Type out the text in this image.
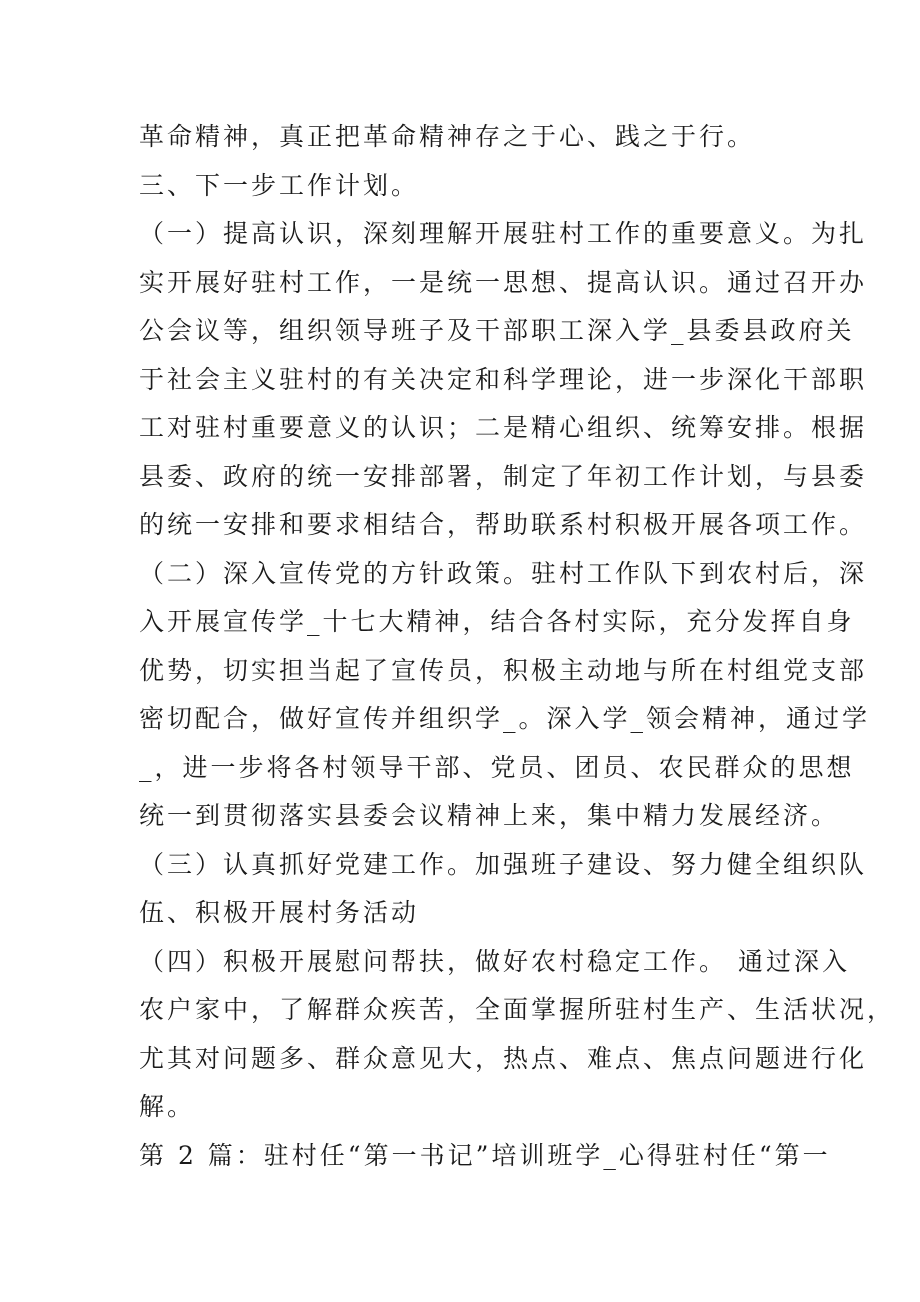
革命精神，真正把革命精神存之于心、践之于行。
三、下一步工作计划。
（一）提高认识，深刻理解开展驻村工作的重要意义。为扎
实开展好驻村工作，一是统一思想、提高认识。通过召开办
公会议等，组织领导班子及干部职工深入学_县委县政府关
于社会主义驻村的有关决定和科学理论，进一步深化干部职
工对驻村重要意义的认识；二是精心组织、统筹安排。根据
县委、政府的统一安排部署，制定了年初工作计划，与县委
的统一安排和要求相结合，帮助联系村积极开展各项工作。
（二）深入宣传党的方针政策。驻村工作队下到农村后，深
入开展宣传学_十七大精神，结合各村实际，充分发挥自身
优势，切实担当起了宣传员，积极主动地与所在村组党支部
密切配合，做好宣传并组织学_。深入学_领会精神，通过学
_，进一步将各村领导干部、党员、团员、农民群众的思想
统一到贯彻落实县委会议精神上来，集中精力发展经济。
（三）认真抓好党建工作。加强班子建设、努力健全组织队
伍、积极开展村务活动
（四）积极开展慰问帮扶，做好农村稳定工作。 通过深入
农户家中，了解群众疾苦，全面掌握所驻村生产、生活状况，
尤其对问题多、群众意见大，热点、难点、焦点问题进行化
解。
第 2 篇：驻村任“第一书记”培训班学_心得驻村任“第一
